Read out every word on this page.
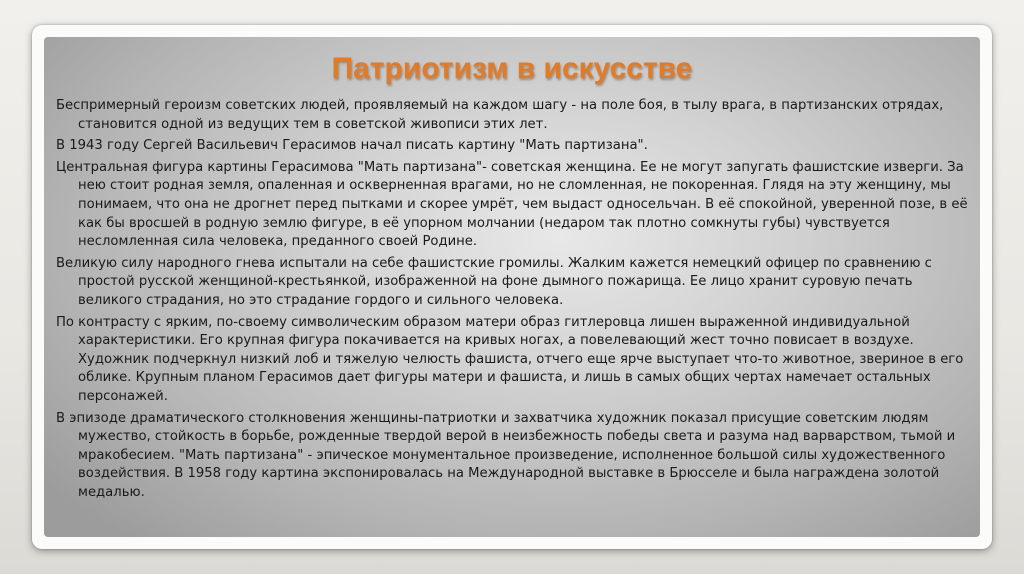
Патриотизм в искусстве

Беспримерный героизм советских людей, проявляемый на каждом шагу - на поле боя, в тылу врага, в партизанских отрядах, становится одной из ведущих тем в советской живописи этих лет.

В 1943 году Сергей Васильевич Герасимов начал писать картину "Мать партизана".

Центральная фигура картины Герасимова "Мать партизана"- советская женщина. Ее не могут запугать фашистские изверги. За нею стоит родная земля, опаленная и оскверненная врагами, но не сломленная, не покоренная. Глядя на эту женщину, мы понимаем, что она не дрогнет перед пытками и скорее умрёт, чем выдаст односельчан. В её спокойной, уверенной позе, в её как бы вросшей в родную землю фигуре, в её упорном молчании (недаром так плотно сомкнуты губы) чувствуется несломленная сила человека, преданного своей Родине.

Великую силу народного гнева испытали на себе фашистские громилы. Жалким кажется немецкий офицер по сравнению с простой русской женщиной-крестьянкой, изображенной на фоне дымного пожарища. Ее лицо хранит суровую печать великого страдания, но это страдание гордого и сильного человека.

По контрасту с ярким, по-своему символическим образом матери образ гитлеровца лишен выраженной индивидуальной характеристики. Его крупная фигура покачивается на кривых ногах, а повелевающий жест точно повисает в воздухе. Художник подчеркнул низкий лоб и тяжелую челюсть фашиста, отчего еще ярче выступает что-то животное, звериное в его облике. Крупным планом Герасимов дает фигуры матери и фашиста, и лишь в самых общих чертах намечает остальных персонажей.

В эпизоде драматического столкновения женщины-патриотки и захватчика художник показал присущие советским людям мужество, стойкость в борьбе, рожденные твердой верой в неизбежность победы света и разума над варварством, тьмой и мракобесием. "Мать партизана" - эпическое монументальное произведение, исполненное большой силы художественного воздействия. В 1958 году картина экспонировалась на Международной выставке в Брюсселе и была награждена золотой медалью.
